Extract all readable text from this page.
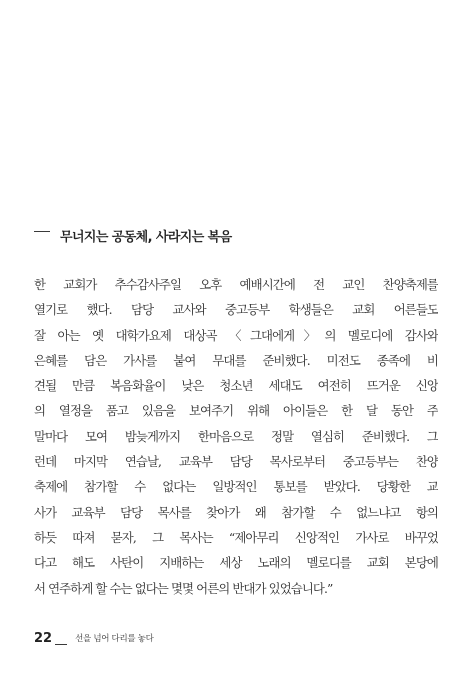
무너지는 공동체, 사라지는 복음
한 교회가 추수감사주일 오후 예배시간에 전 교인 찬양축제를
열기로 했다. 담당 교사와 중고등부 학생들은 교회 어른들도
잘 아는 옛 대학가요제 대상곡 〈그대에게〉의 멜로디에 감사와
은혜를 담은 가사를 붙여 무대를 준비했다. 미전도 종족에 비
견될 만큼 복음화율이 낮은 청소년 세대도 여전히 뜨거운 신앙
의 열정을 품고 있음을 보여주기 위해 아이들은 한 달 동안 주
말마다 모여 밤늦게까지 한마음으로 정말 열심히 준비했다. 그
런데 마지막 연습날, 교육부 담당 목사로부터 중고등부는 찬양
축제에 참가할 수 없다는 일방적인 통보를 받았다. 당황한 교
사가 교육부 담당 목사를 찾아가 왜 참가할 수 없느냐고 항의
하듯 따져 묻자, 그 목사는 “제아무리 신앙적인 가사로 바꾸었
다고 해도 사탄이 지배하는 세상 노래의 멜로디를 교회 본당에
서 연주하게 할 수는 없다는 몇몇 어른의 반대가 있었습니다.”
22	선을 넘어 다리를 놓다
